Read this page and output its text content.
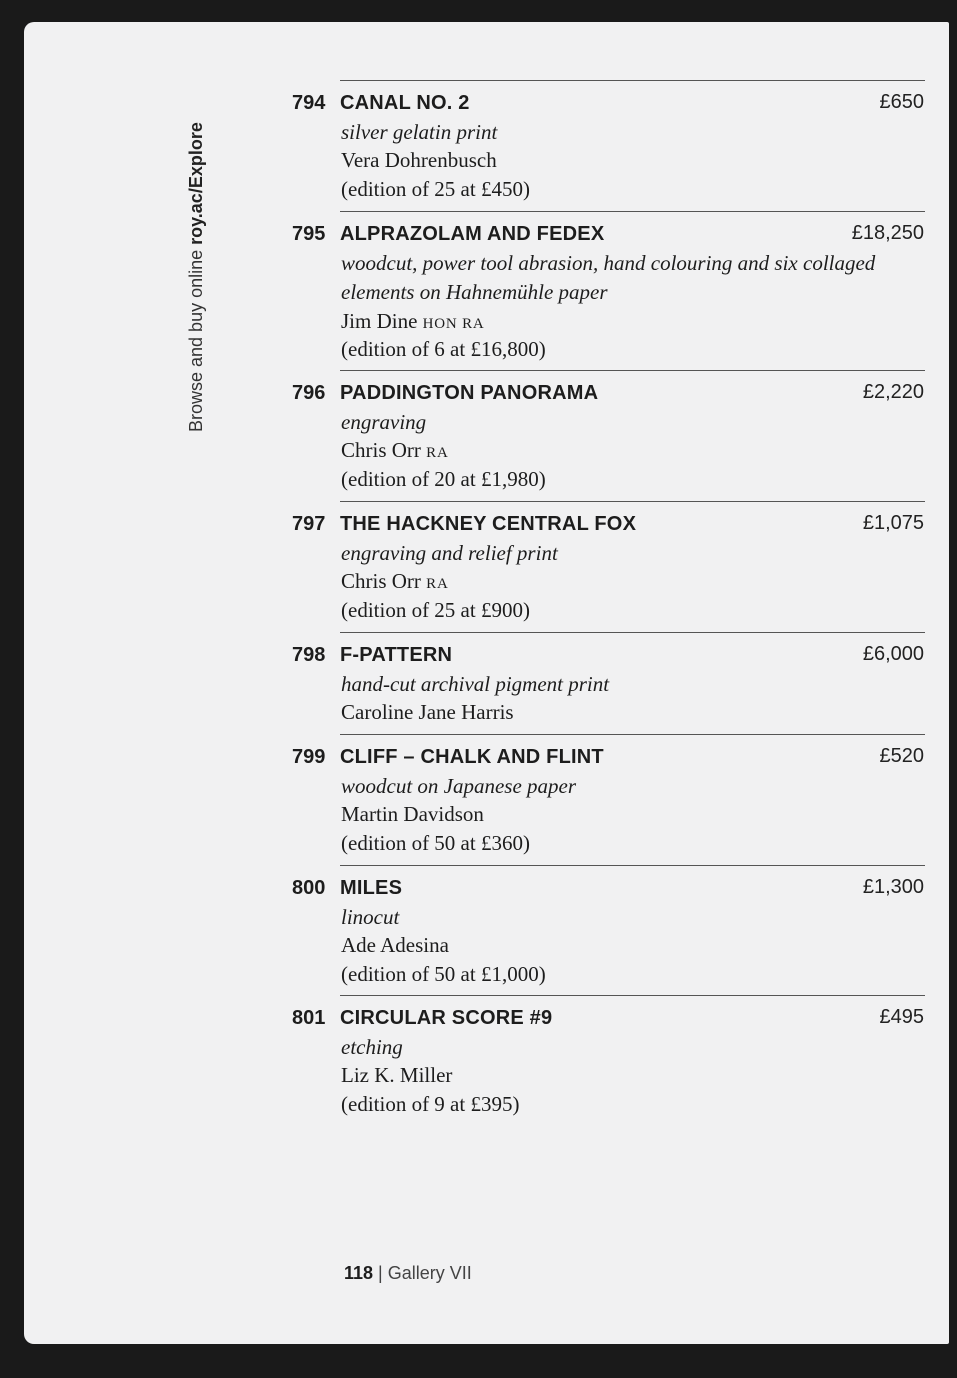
Browse and buy online roy.ac/Explore
794 CANAL NO. 2	£650
silver gelatin print
Vera Dohrenbusch
(edition of 25 at £450)
795 ALPRAZOLAM AND FEDEX	£18,250
woodcut, power tool abrasion, hand colouring and six collaged
elements on Hahnemühle paper
Jim Dine HON RA
(edition of 6 at £16,800)
796 PADDINGTON PANORAMA	£2,220
engraving
Chris Orr RA
(edition of 20 at £1,980)
797 THE HACKNEY CENTRAL FOX	£1,075
engraving and relief print
Chris Orr RA
(edition of 25 at £900)
798 F-PATTERN	£6,000
hand-cut archival pigment print
Caroline Jane Harris
799 CLIFF – CHALK AND FLINT	£520
woodcut on Japanese paper
Martin Davidson
(edition of 50 at £360)
800 MILES	£1,300
linocut
Ade Adesina
(edition of 50 at £1,000)
801 CIRCULAR SCORE #9	£495
etching
Liz K. Miller
(edition of 9 at £395)
118 | Gallery VII
